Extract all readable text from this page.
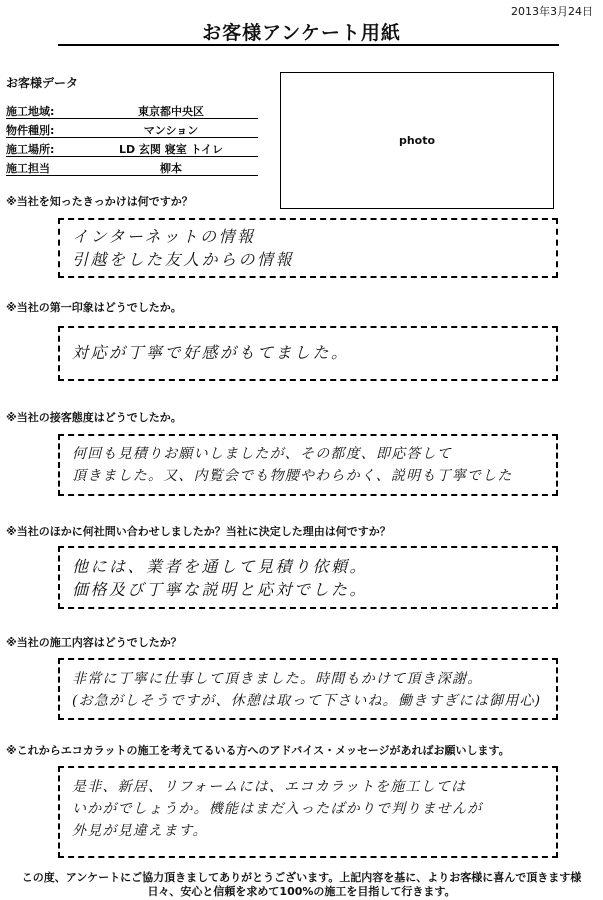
2013年3月24日
お客様アンケート用紙
お客様データ
施工地域:	東京都中央区
物件種別:	マンション
施工場所:	LD 玄関 寝室 トイレ
施工担当	柳本
photo
※当社を知ったきっかけは何ですか？
インターネットの情報
引越をした友人からの情報
※当社の第一印象はどうでしたか。
対応が丁寧で好感がもてました。
※当社の接客態度はどうでしたか。
何回も見積りお願いしましたが、その都度、即応答して
頂きました。又、内覧会でも物腰やわらかく、説明も丁寧でした
※当社のほかに何社問い合わせしましたか？当社に決定した理由は何ですか？
他には、業者を通して見積り依頼。
価格及び丁寧な説明と応対でした。
※当社の施工内容はどうでしたか？
非常に丁寧に仕事して頂きました。時間もかけて頂き深謝。
(お急がしそうですが、休憩は取って下さいね。働きすぎには御用心)
※これからエコカラットの施工を考えてるいる方へのアドバイス・メッセージがあればお願いします。
是非、新居、リフォームには、エコカラットを施工しては
いかがでしょうか。機能はまだ入ったばかりで判りませんが
外見が見違えます。
この度、アンケートにご協力頂きましてありがとうございます。上記内容を基に、よりお客様に喜んで頂きます様
日々、安心と信頼を求めて100%の施工を目指して行きます。
